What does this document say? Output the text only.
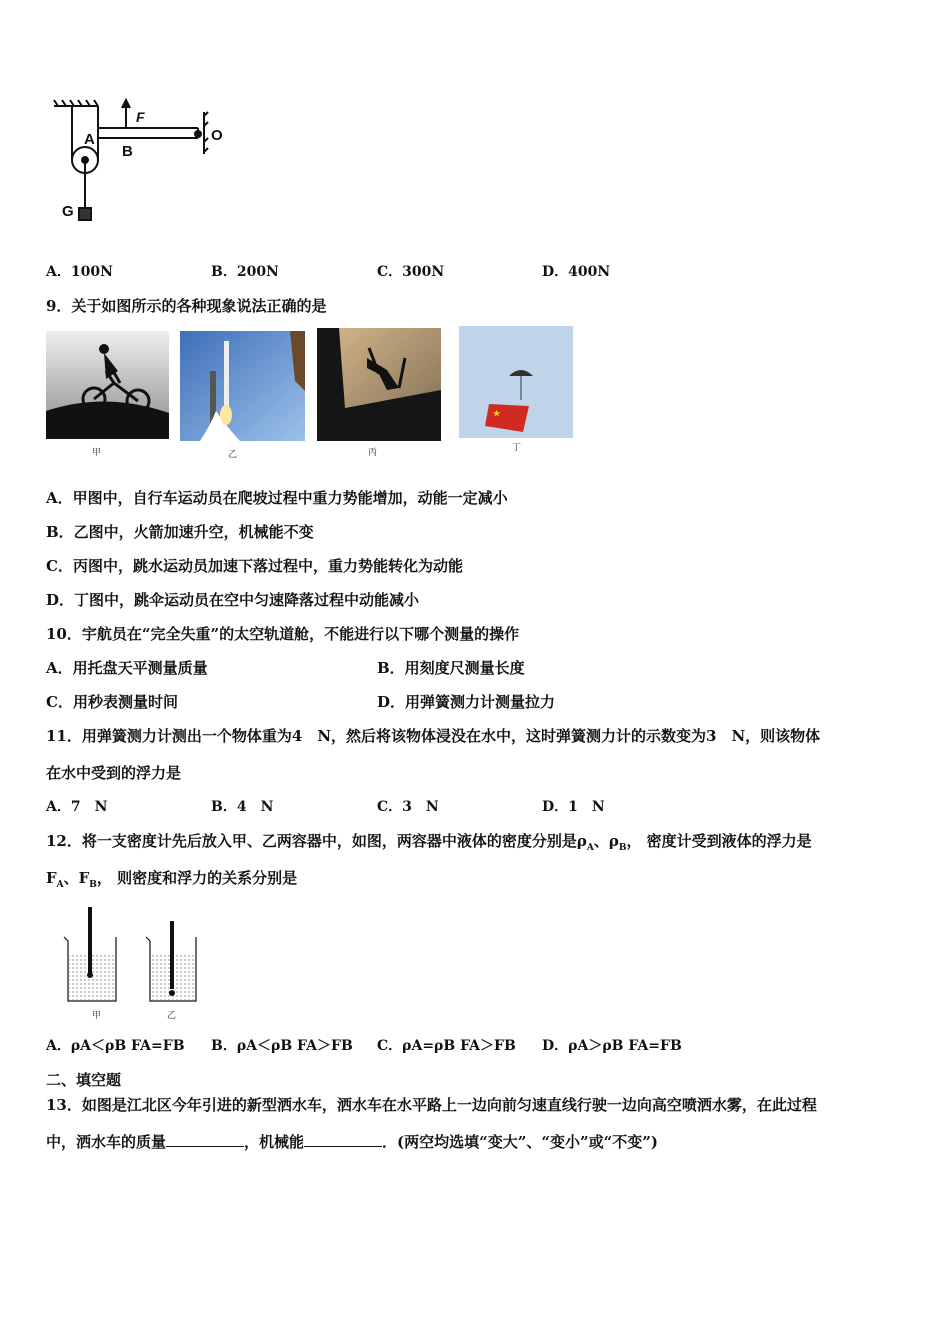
A
B
F
O
G
A．100N	B．200N	C．300N	D．400N
9．关于如图所示的各种现象说法正确的是
甲	乙	丙
★
丁
A．甲图中，自行车运动员在爬坡过程中重力势能增加，动能一定减小
B．乙图中，火箭加速升空，机械能不变
C．丙图中，跳水运动员加速下落过程中，重力势能转化为动能
D．丁图中，跳伞运动员在空中匀速降落过程中动能减小
10．宇航员在“完全失重”的太空轨道舱，不能进行以下哪个测量的操作
A．用托盘天平测量质量	B．用刻度尺测量长度
C．用秒表测量时间	D．用弹簧测力计测量拉力
11．用弹簧测力计测出一个物体重为4　N，然后将该物体浸没在水中，这时弹簧测力计的示数变为3　N，则该物体
在水中受到的浮力是
A．7　N	B．4　N	C．3　N	D．1　N
12．将一支密度计先后放入甲、乙两容器中，如图，两容器中液体的密度分别是$\rho_A$、$\rho_B$， 密度计受到液体的浮力是
$F_A$、$F_B$， 则密度和浮力的关系分别是
甲	乙
A．ρA＜ρB FA=FB B．ρA＜ρB FA＞FB C．ρA=ρB FA＞FB D．ρA＞ρB FA=FB
二、填空题
13．如图是江北区今年引进的新型洒水车，洒水车在水平路上一边向前匀速直线行驶一边向高空喷洒水雾，在此过程
中，洒水车的质量	，机械能	．(两空均选填“变大”、“变小”或“不变”)
